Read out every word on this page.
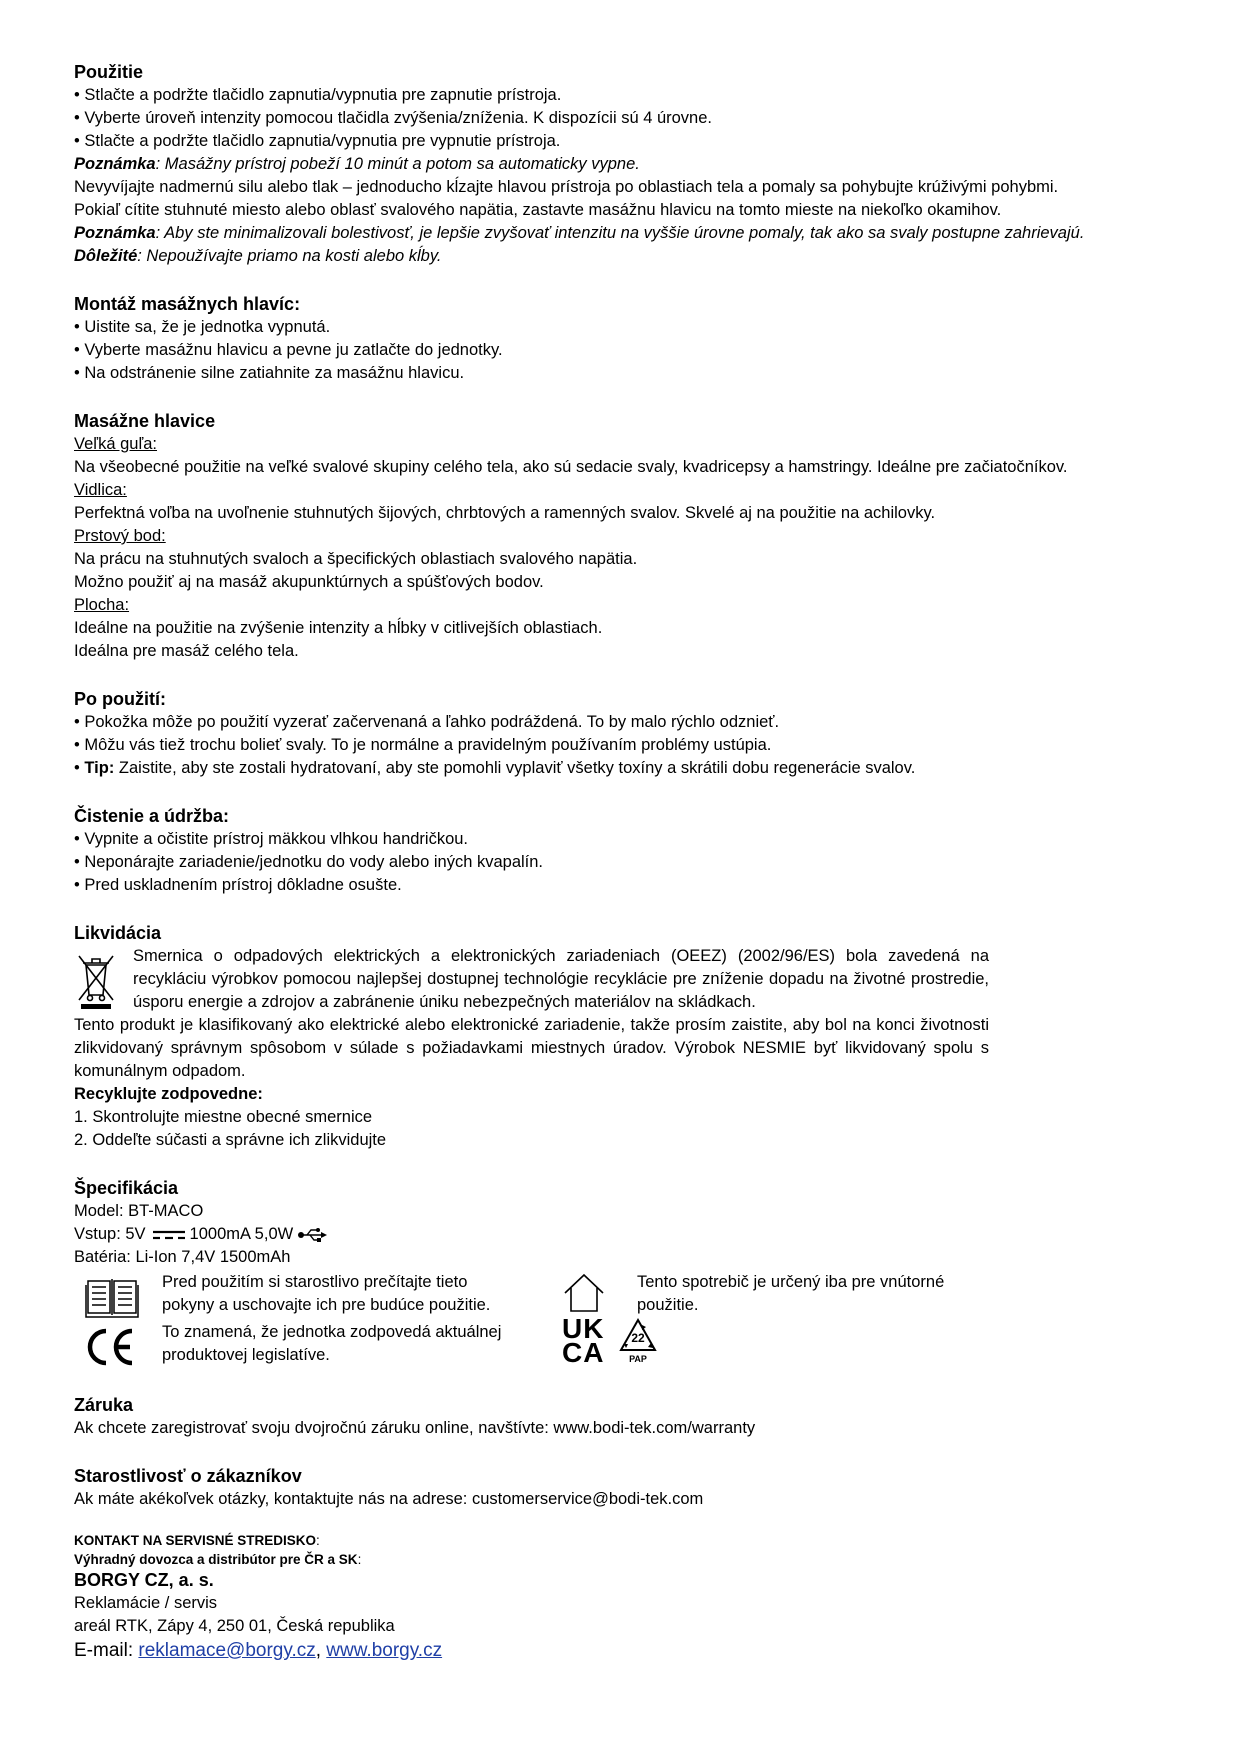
Použitie

• Stlačte a podržte tlačidlo zapnutia/vypnutia pre zapnutie prístroja.

• Vyberte úroveň intenzity pomocou tlačidla zvýšenia/zníženia. K dispozícii sú 4 úrovne.

• Stlačte a podržte tlačidlo zapnutia/vypnutia pre vypnutie prístroja.

Poznámka: Masážny prístroj pobeží 10 minút a potom sa automaticky vypne.

Nevyvíjajte nadmernú silu alebo tlak – jednoducho kĺzajte hlavou prístroja po oblastiach tela a pomaly sa pohybujte krúživými pohybmi.

Pokiaľ cítite stuhnuté miesto alebo oblasť svalového napätia, zastavte masážnu hlavicu na tomto mieste na niekoľko okamihov.

Poznámka: Aby ste minimalizovali bolestivosť, je lepšie zvyšovať intenzitu na vyššie úrovne pomaly, tak ako sa svaly postupne zahrievajú.

Dôležité: Nepoužívajte priamo na kosti alebo kĺby.

Montáž masážnych hlavíc:

• Uistite sa, že je jednotka vypnutá.

• Vyberte masážnu hlavicu a pevne ju zatlačte do jednotky.

• Na odstránenie silne zatiahnite za masážnu hlavicu.

Masážne hlavice

Veľká guľa:

Na všeobecné použitie na veľké svalové skupiny celého tela, ako sú sedacie svaly, kvadricepsy a hamstringy. Ideálne pre začiatočníkov.

Vidlica:

Perfektná voľba na uvoľnenie stuhnutých šijových, chrbtových a ramenných svalov. Skvelé aj na použitie na achilovky.

Prstový bod:

Na prácu na stuhnutých svaloch a špecifických oblastiach svalového napätia.

Možno použiť aj na masáž akupunktúrnych a spúšťových bodov.

Plocha:

Ideálne na použitie na zvýšenie intenzity a hĺbky v citlivejších oblastiach.

Ideálna pre masáž celého tela.

Po použití:

• Pokožka môže po použití vyzerať začervenaná a ľahko podráždená. To by malo rýchlo odznieť.

• Môžu vás tiež trochu bolieť svaly. To je normálne a pravidelným používaním problémy ustúpia.

• Tip: Zaistite, aby ste zostali hydratovaní, aby ste pomohli vyplaviť všetky toxíny a skrátili dobu regenerácie svalov.

Čistenie a údržba:

• Vypnite a očistite prístroj mäkkou vlhkou handričkou.

• Neponárajte zariadenie/jednotku do vody alebo iných kvapalín.

• Pred uskladnením prístroj dôkladne osušte.

Likvidácia

Smernica o odpadových elektrických a elektronických zariadeniach (OEEZ) (2002/96/ES) bola zavedená na recykláciu výrobkov pomocou najlepšej dostupnej technológie recyklácie pre zníženie dopadu na životné prostredie, úsporu energie a zdrojov a zabránenie úniku nebezpečných materiálov na skládkach.

Tento produkt je klasifikovaný ako elektrické alebo elektronické zariadenie, takže prosím zaistite, aby bol na konci životnosti zlikvidovaný správnym spôsobom v súlade s požiadavkami miestnych úradov. Výrobok NESMIE byť likvidovaný spolu s komunálnym odpadom.

Recyklujte zodpovedne:

1. Skontrolujte miestne obecné smernice

2. Oddeľte súčasti a správne ich zlikvidujte

Špecifikácia

Model: BT-MACO

Vstup: 5V	1000mA 5,0W

Batéria: Li-Ion 7,4V 1500mAh

Pred použitím si starostlivo prečítajte tieto
pokyny a uschovajte ich pre budúce použitie.
Tento spotrebič je určený iba pre vnútorné
použitie.
To znamená, že jednotka zodpovedá aktuálnej
produktovej legislatíve.
UK
CA	22
PAP
Záruka

Ak chcete zaregistrovať svoju dvojročnú záruku online, navštívte: www.bodi-tek.com/warranty

Starostlivosť o zákazníkov

Ak máte akékoľvek otázky, kontaktujte nás na adrese: customerservice@bodi-tek.com

KONTAKT NA SERVISNÉ STREDISKO:

Výhradný dovozca a distribútor pre ČR a SK:

BORGY CZ, a. s.

Reklamácie / servis

areál RTK, Zápy 4, 250 01, Česká republika

E-mail: reklamace@borgy.cz, www.borgy.cz
